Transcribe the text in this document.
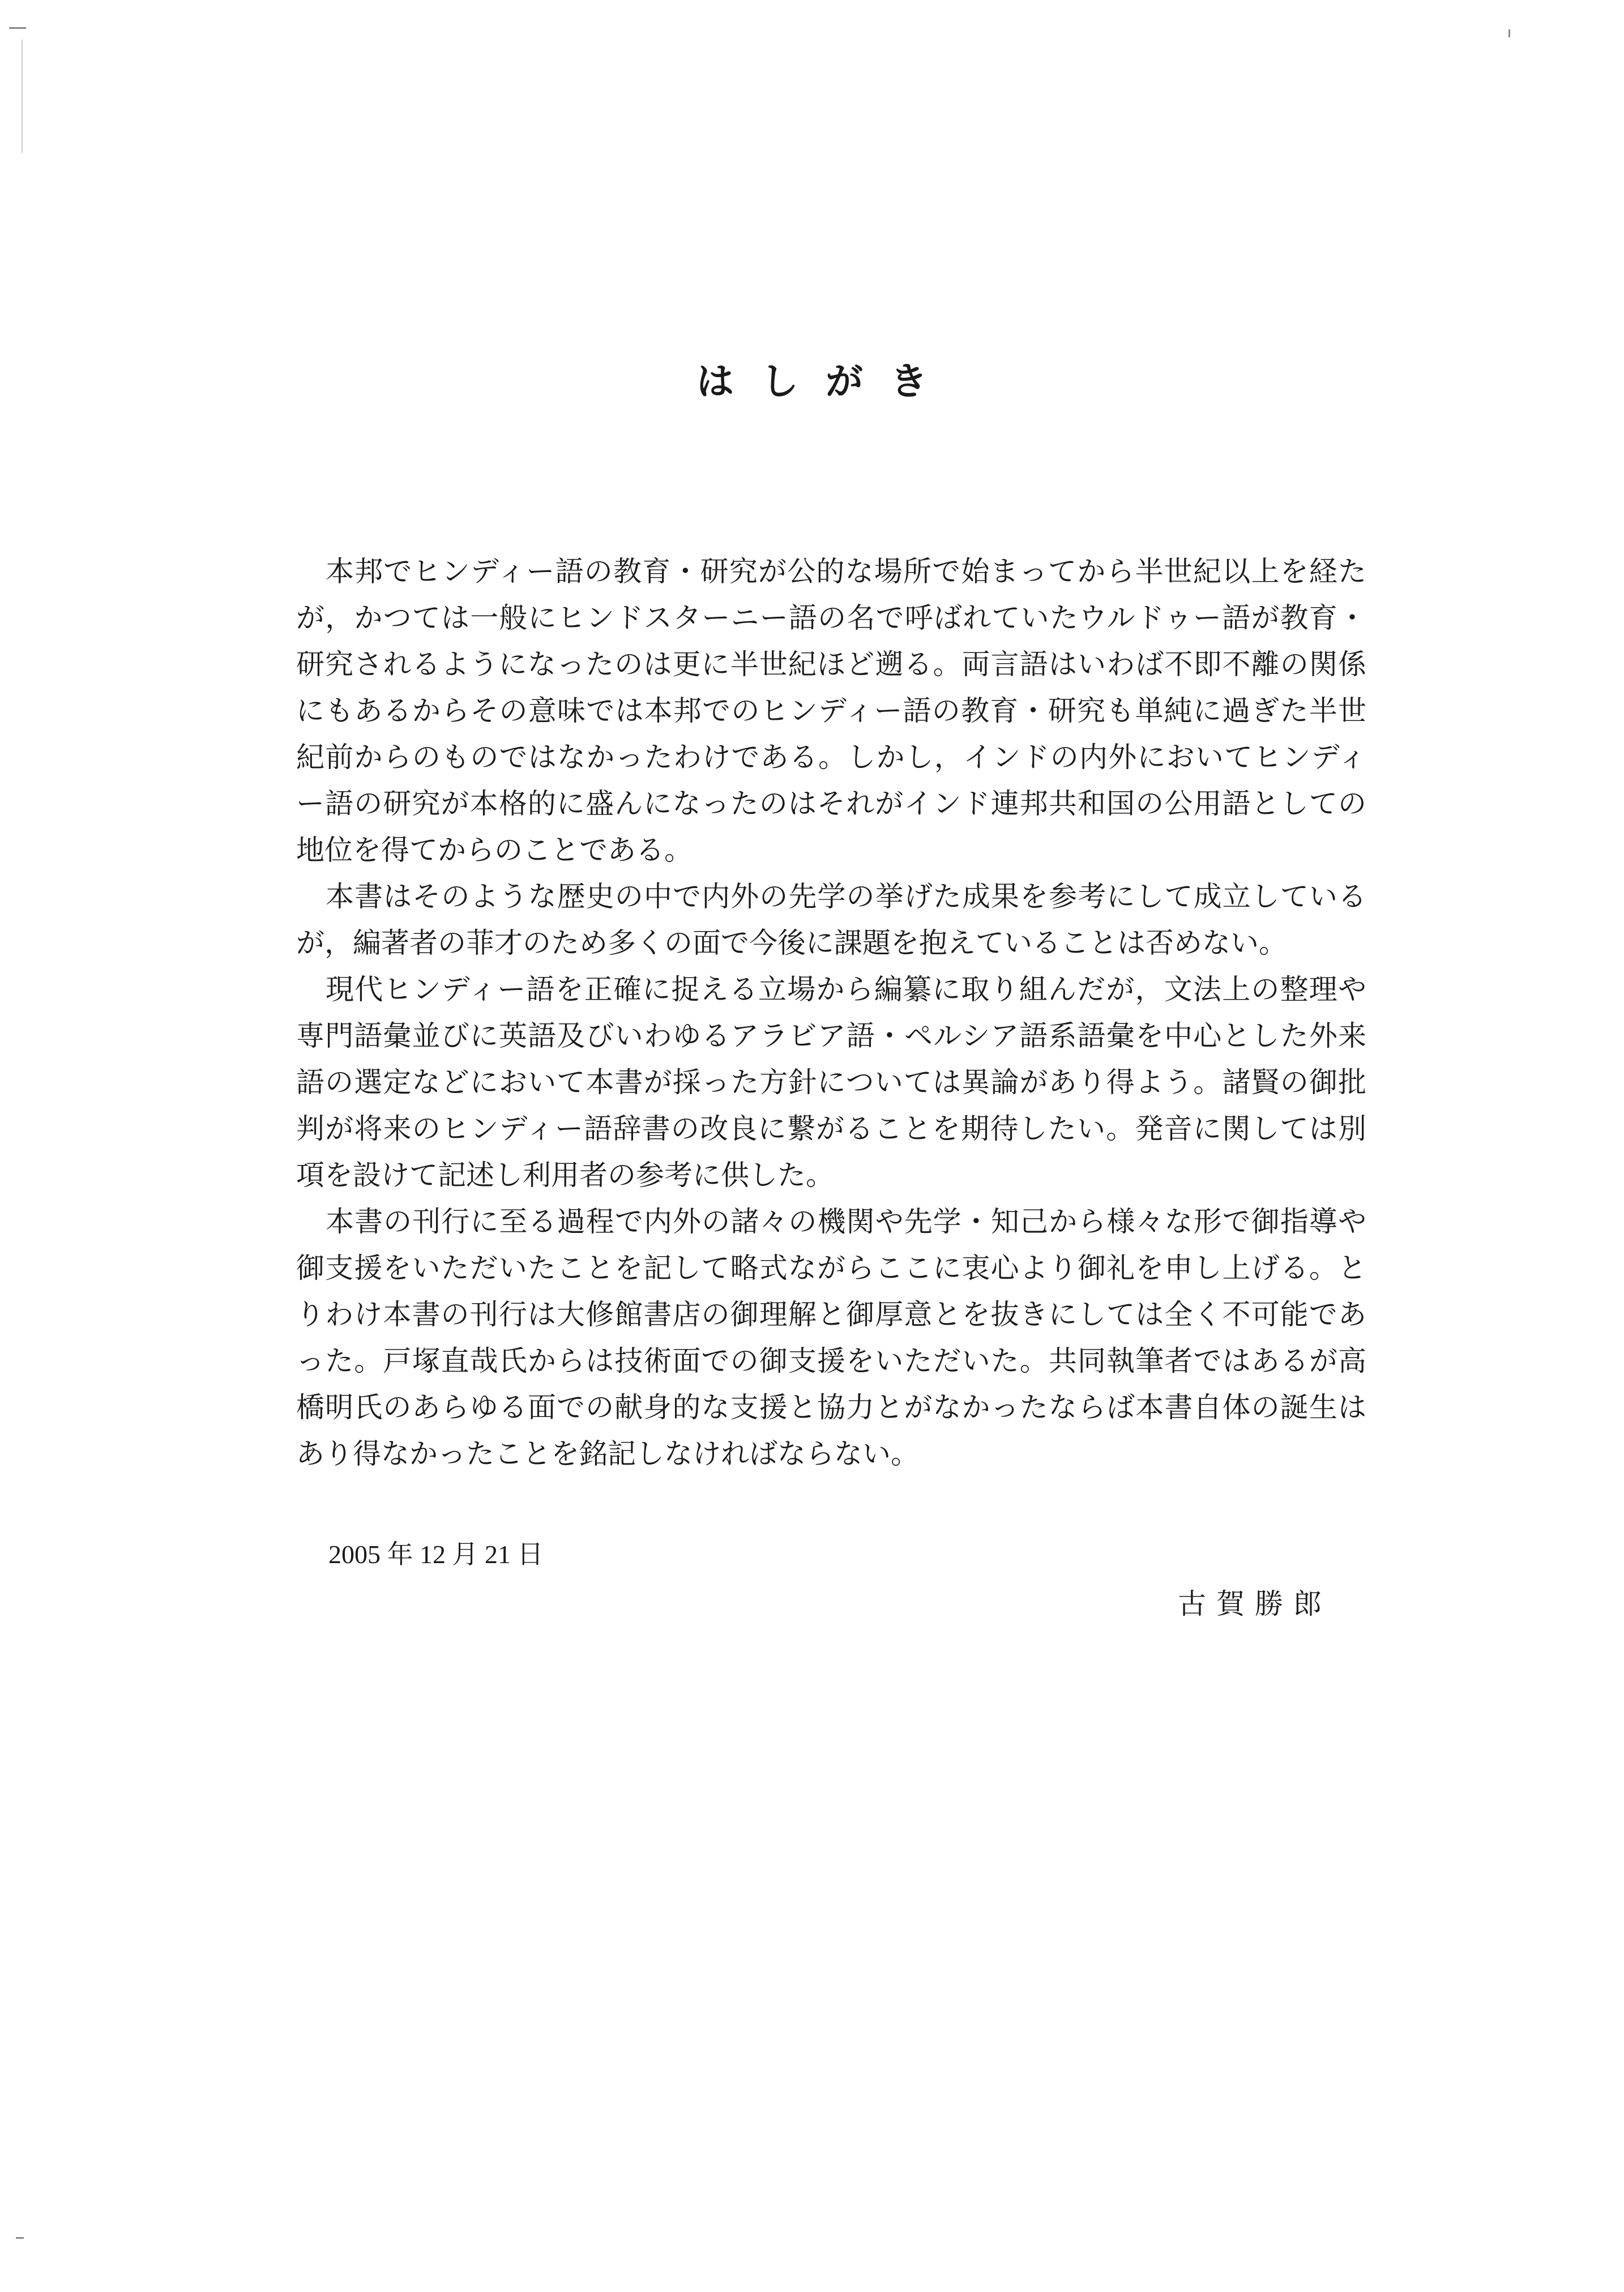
はしがき

本邦でヒンディー語の教育・研究が公的な場所で始まってから半世紀以上を経たが，かつては一般にヒンドスターニー語の名で呼ばれていたウルドゥー語が教育・研究されるようになったのは更に半世紀ほど遡る。両言語はいわば不即不離の関係にもあるからその意味では本邦でのヒンディー語の教育・研究も単純に過ぎた半世紀前からのものではなかったわけである。しかし，インドの内外においてヒンディー語の研究が本格的に盛んになったのはそれがインド連邦共和国の公用語としての地位を得てからのことである。

本書はそのような歴史の中で内外の先学の挙げた成果を参考にして成立しているが，編著者の菲才のため多くの面で今後に課題を抱えていることは否めない。

現代ヒンディー語を正確に捉える立場から編纂に取り組んだが，文法上の整理や専門語彙並びに英語及びいわゆるアラビア語・ペルシア語系語彙を中心とした外来語の選定などにおいて本書が採った方針については異論があり得よう。諸賢の御批判が将来のヒンディー語辞書の改良に繋がることを期待したい。発音に関しては別項を設けて記述し利用者の参考に供した。

本書の刊行に至る過程で内外の諸々の機関や先学・知己から様々な形で御指導や御支援をいただいたことを記して略式ながらここに衷心より御礼を申し上げる。とりわけ本書の刊行は大修館書店の御理解と御厚意とを抜きにしては全く不可能であった。戸塚直哉氏からは技術面での御支援をいただいた。共同執筆者ではあるが高橋明氏のあらゆる面での献身的な支援と協力とがなかったならば本書自体の誕生はあり得なかったことを銘記しなければならない。

2005 年 12 月 21 日
古賀勝郎
